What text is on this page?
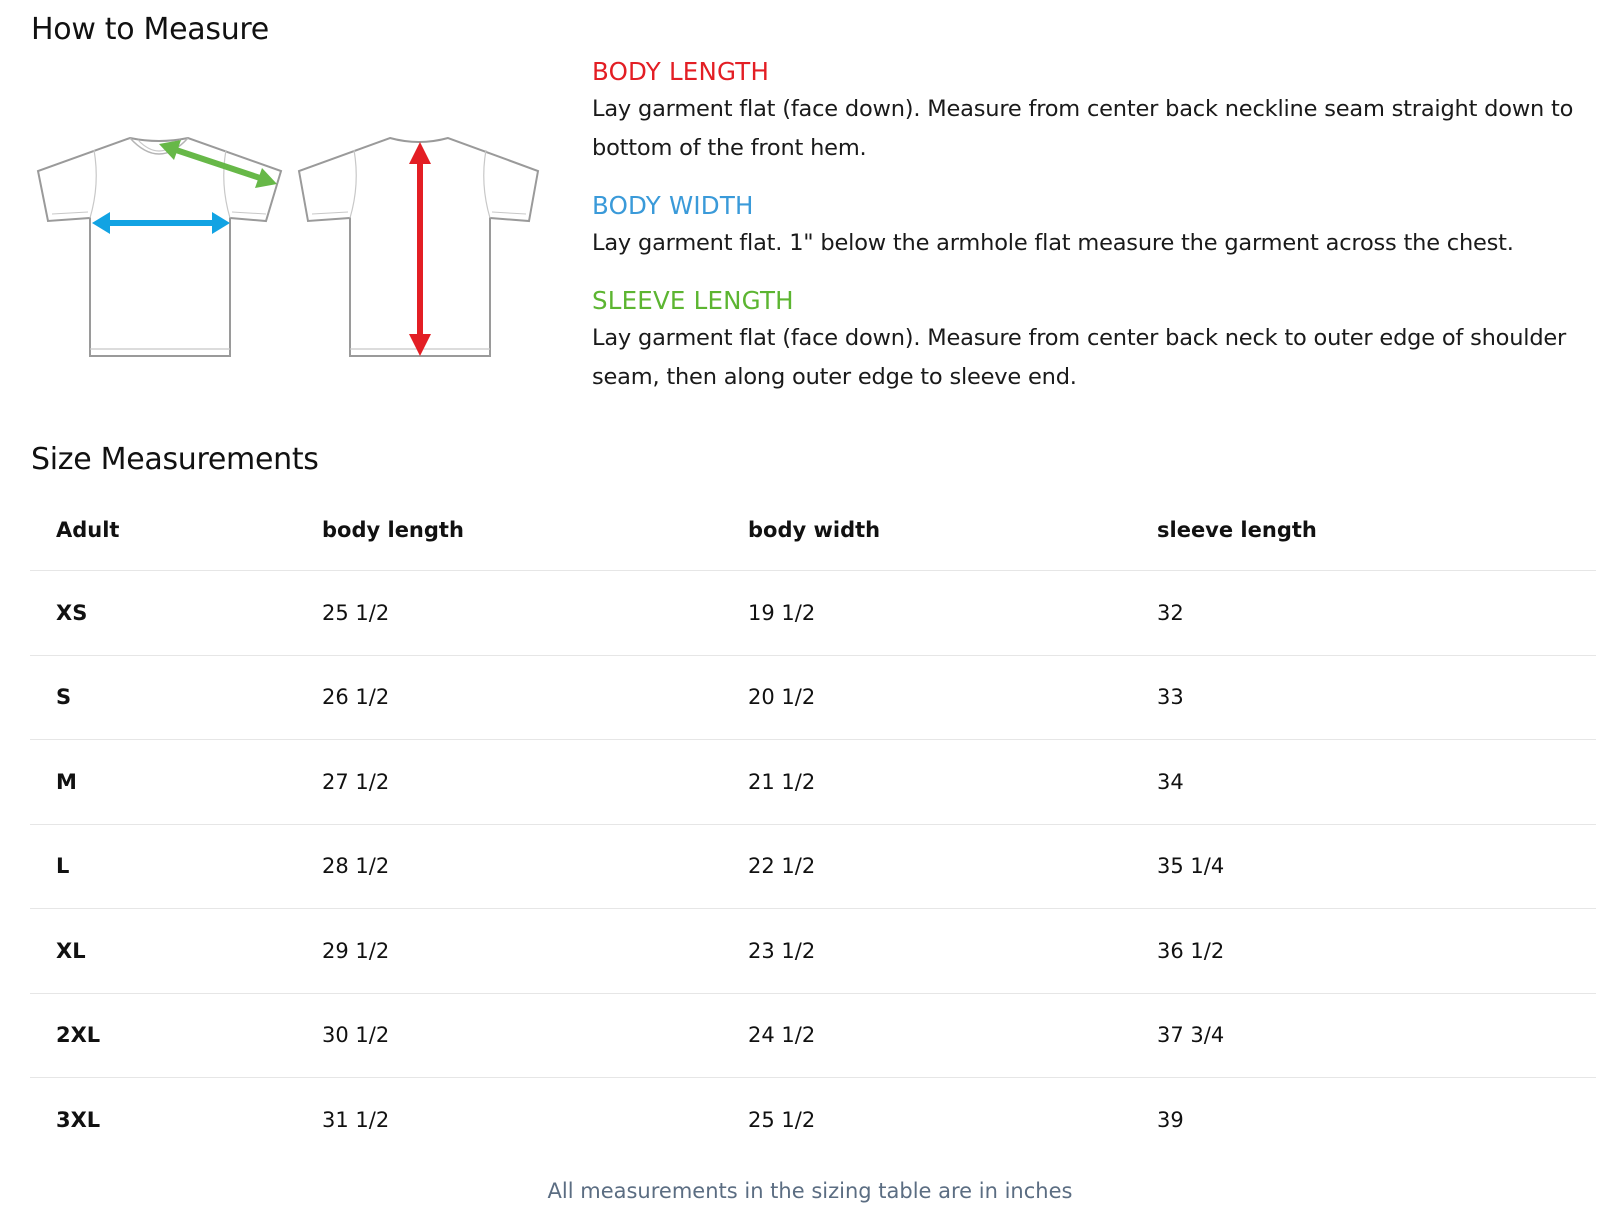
How to Measure
BODY LENGTH

Lay garment flat (face down). Measure from center back neckline seam straight down to bottom of the front hem.

BODY WIDTH

Lay garment flat. 1" below the armhole flat measure the garment across the chest.

SLEEVE LENGTH

Lay garment flat (face down). Measure from center back neck to outer edge of shoulder seam, then along outer edge to sleeve end.

Size Measurements
Adult	body length	body width	sleeve length
XS	25 1/2	19 1/2	32
S	26 1/2	20 1/2	33
M	27 1/2	21 1/2	34
L	28 1/2	22 1/2	35 1/4
XL	29 1/2	23 1/2	36 1/2
2XL	30 1/2	24 1/2	37 3/4
3XL	31 1/2	25 1/2	39

All measurements in the sizing table are in inches
